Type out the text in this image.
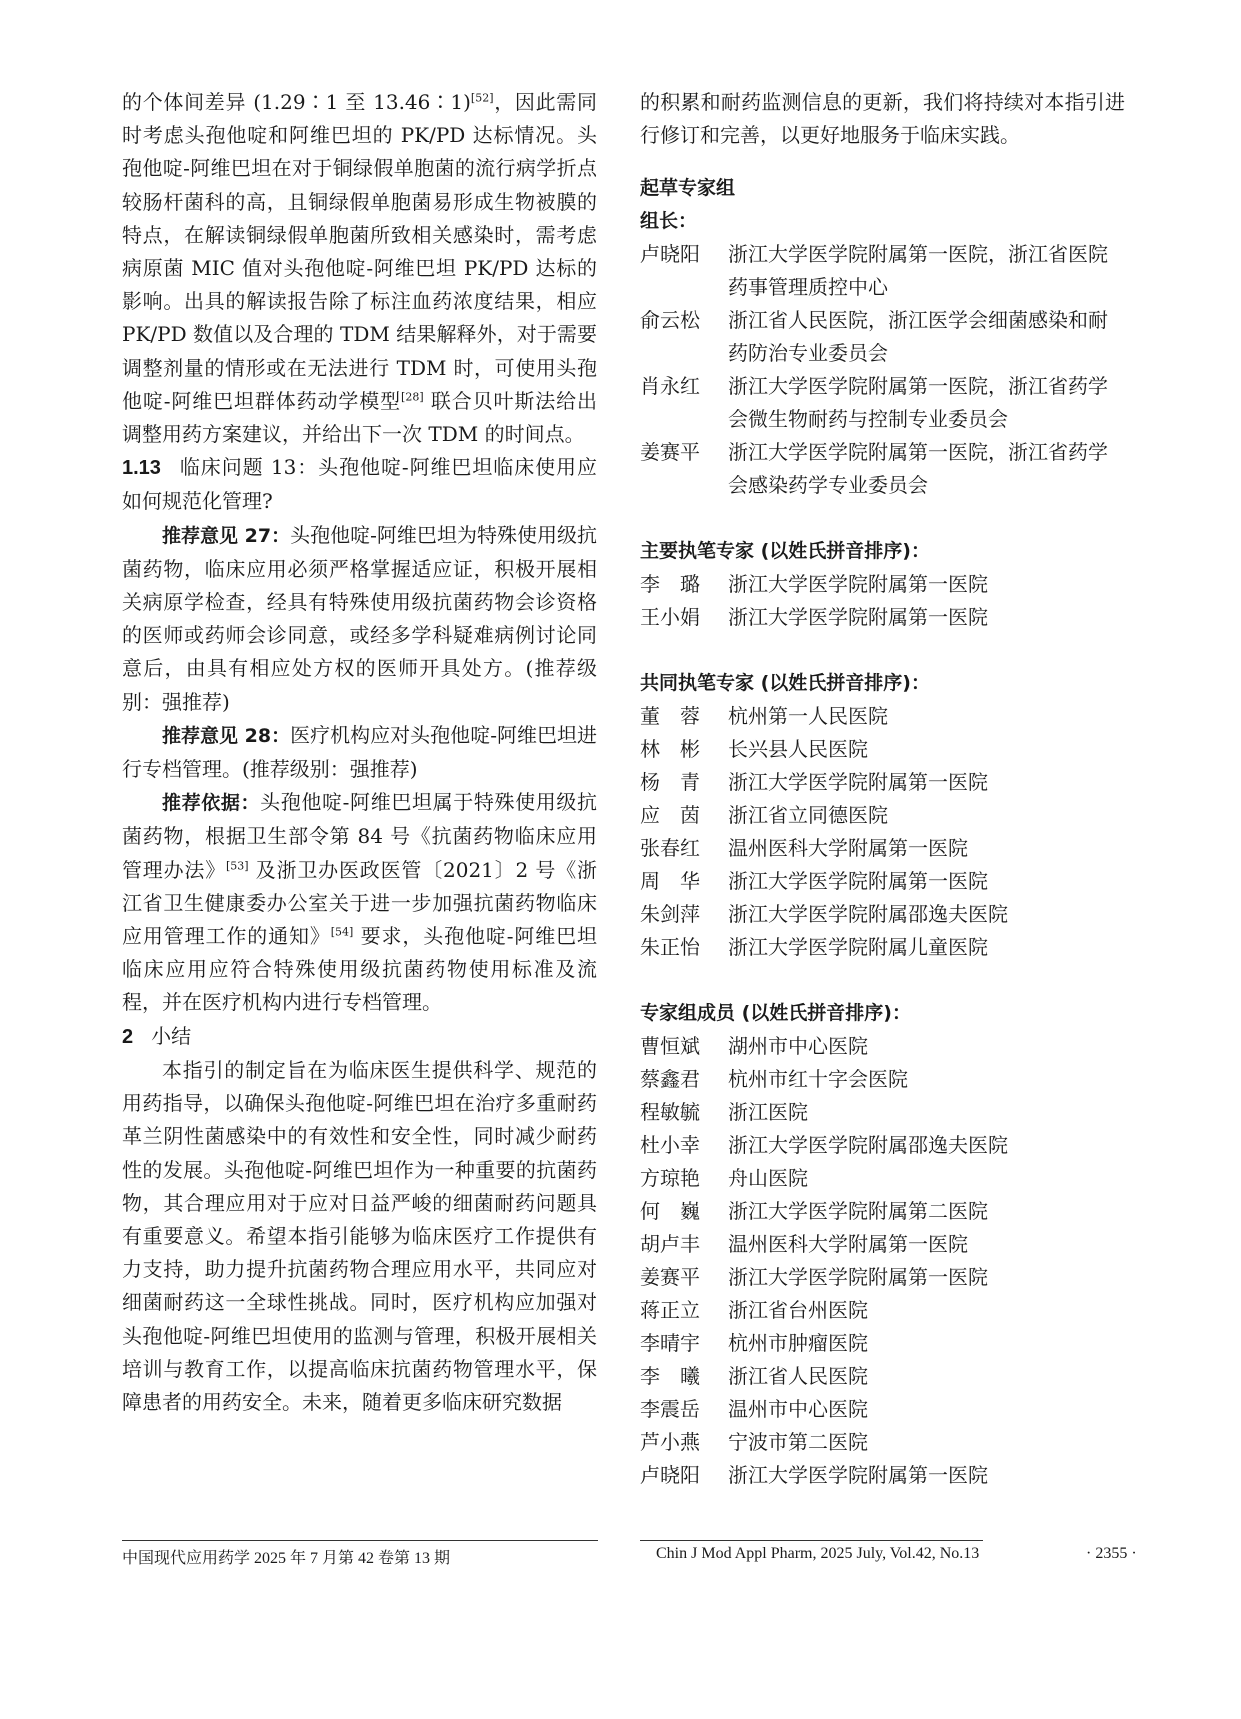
的个体间差异 (1.29∶1 至 13.46∶1)[52]，因此需同时考虑头孢他啶和阿维巴坦的 PK/PD 达标情况。头孢他啶-阿维巴坦在对于铜绿假单胞菌的流行病学折点较肠杆菌科的高，且铜绿假单胞菌易形成生物被膜的特点，在解读铜绿假单胞菌所致相关感染时，需考虑病原菌 MIC 值对头孢他啶-阿维巴坦 PK/PD 达标的影响。出具的解读报告除了标注血药浓度结果，相应 PK/PD 数值以及合理的 TDM 结果解释外，对于需要调整剂量的情形或在无法进行 TDM 时，可使用头孢他啶-阿维巴坦群体药动学模型[28] 联合贝叶斯法给出调整用药方案建议，并给出下一次 TDM 的时间点。

1.13 临床问题 13：头孢他啶-阿维巴坦临床使用应如何规范化管理?

推荐意见 27：头孢他啶-阿维巴坦为特殊使用级抗菌药物，临床应用必须严格掌握适应证，积极开展相关病原学检查，经具有特殊使用级抗菌药物会诊资格的医师或药师会诊同意，或经多学科疑难病例讨论同意后，由具有相应处方权的医师开具处方。(推荐级别：强推荐)

推荐意见 28：医疗机构应对头孢他啶-阿维巴坦进行专档管理。(推荐级别：强推荐)

推荐依据：头孢他啶-阿维巴坦属于特殊使用级抗菌药物，根据卫生部令第 84 号《抗菌药物临床应用管理办法》[53] 及浙卫办医政医管〔2021〕2 号《浙江省卫生健康委办公室关于进一步加强抗菌药物临床应用管理工作的通知》[54] 要求，头孢他啶-阿维巴坦临床应用应符合特殊使用级抗菌药物使用标准及流程，并在医疗机构内进行专档管理。

2 小结

本指引的制定旨在为临床医生提供科学、规范的用药指导，以确保头孢他啶-阿维巴坦在治疗多重耐药革兰阴性菌感染中的有效性和安全性，同时减少耐药性的发展。头孢他啶-阿维巴坦作为一种重要的抗菌药物，其合理应用对于应对日益严峻的细菌耐药问题具有重要意义。希望本指引能够为临床医疗工作提供有力支持，助力提升抗菌药物合理应用水平，共同应对细菌耐药这一全球性挑战。同时，医疗机构应加强对头孢他啶-阿维巴坦使用的监测与管理，积极开展相关培训与教育工作，以提高临床抗菌药物管理水平，保障患者的用药安全。未来，随着更多临床研究数据

的积累和耐药监测信息的更新，我们将持续对本指引进行修订和完善，以更好地服务于临床实践。

起草专家组
组长：
卢晓阳	浙江大学医学院附属第一医院，浙江省医院药事管理质控中心
俞云松	浙江省人民医院，浙江医学会细菌感染和耐药防治专业委员会
肖永红	浙江大学医学院附属第一医院，浙江省药学会微生物耐药与控制专业委员会
姜赛平	浙江大学医学院附属第一医院，浙江省药学会感染药学专业委员会
主要执笔专家 (以姓氏拼音排序)：
李　璐	浙江大学医学院附属第一医院
王小娟	浙江大学医学院附属第一医院
共同执笔专家 (以姓氏拼音排序)：
董　蓉	杭州第一人民医院
林　彬	长兴县人民医院
杨　青	浙江大学医学院附属第一医院
应　茵	浙江省立同德医院
张春红	温州医科大学附属第一医院
周　华	浙江大学医学院附属第一医院
朱剑萍	浙江大学医学院附属邵逸夫医院
朱正怡	浙江大学医学院附属儿童医院
专家组成员 (以姓氏拼音排序)：
曹恒斌	湖州市中心医院
蔡鑫君	杭州市红十字会医院
程敏毓	浙江医院
杜小幸	浙江大学医学院附属邵逸夫医院
方琼艳	舟山医院
何　巍	浙江大学医学院附属第二医院
胡卢丰	温州医科大学附属第一医院
姜赛平	浙江大学医学院附属第一医院
蒋正立	浙江省台州医院
李晴宇	杭州市肿瘤医院
李　曦	浙江省人民医院
李震岳	温州市中心医院
芦小燕	宁波市第二医院
卢晓阳	浙江大学医学院附属第一医院
中国现代应用药学 2025 年 7 月第 42 卷第 13 期	Chin J Mod Appl Pharm, 2025 July, Vol.42, No.13	· 2355 ·
